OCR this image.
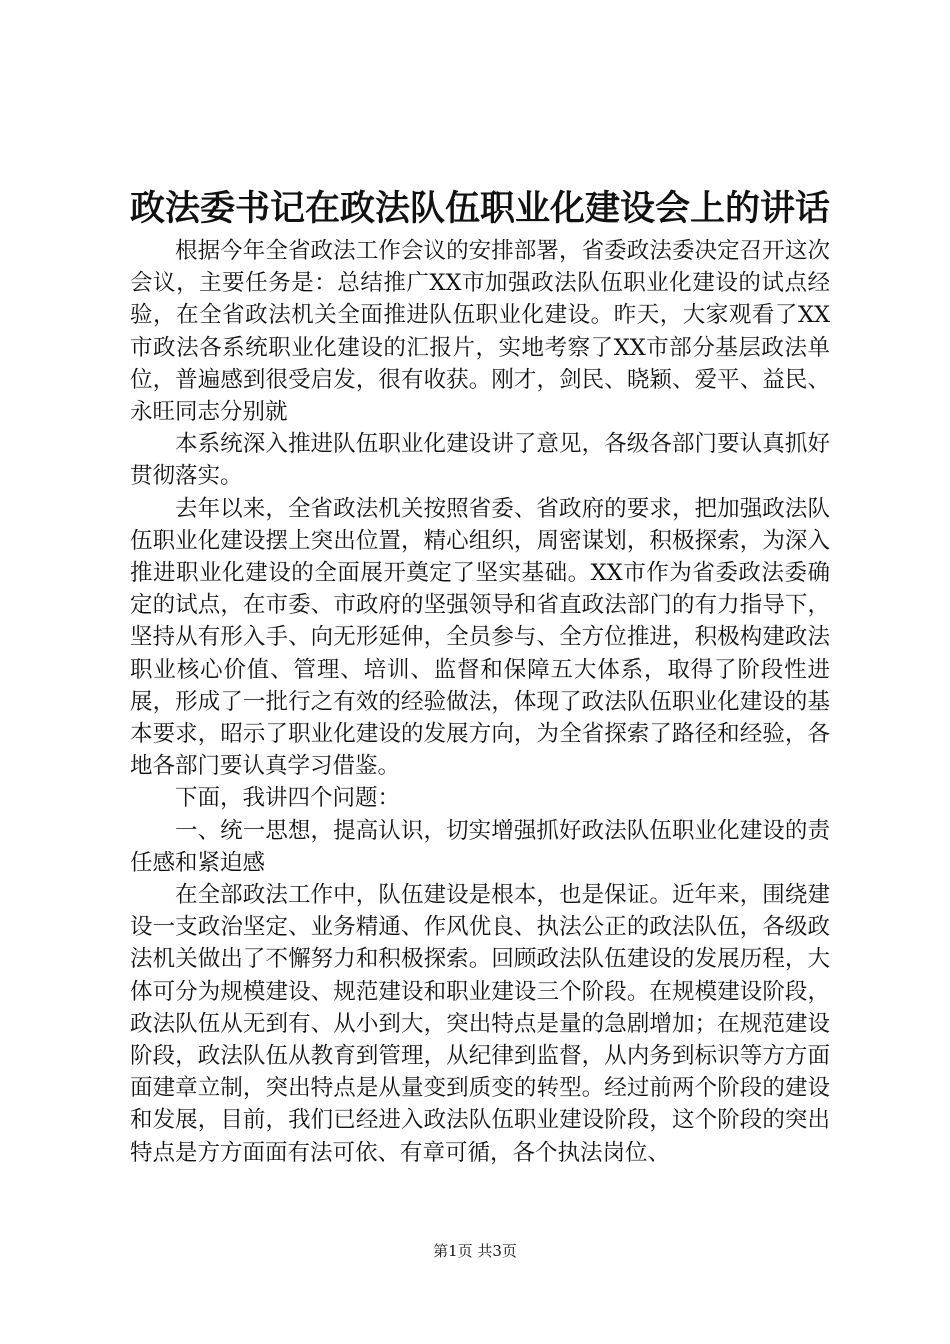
政法委书记在政法队伍职业化建设会上的讲话

根据今年全省政法工作会议的安排部署，省委政法委决定召开这次会议，主要任务是：总结推广XX市加强政法队伍职业化建设的试点经验，在全省政法机关全面推进队伍职业化建设。昨天，大家观看了XX市政法各系统职业化建设的汇报片，实地考察了XX市部分基层政法单位，普遍感到很受启发，很有收获。刚才，剑民、晓颖、爱平、益民、永旺同志分别就

本系统深入推进队伍职业化建设讲了意见，各级各部门要认真抓好贯彻落实。

去年以来，全省政法机关按照省委、省政府的要求，把加强政法队伍职业化建设摆上突出位置，精心组织，周密谋划，积极探索，为深入推进职业化建设的全面展开奠定了坚实基础。XX市作为省委政法委确定的试点，在市委、市政府的坚强领导和省直政法部门的有力指导下，坚持从有形入手、向无形延伸，全员参与、全方位推进，积极构建政法职业核心价值、管理、培训、监督和保障五大体系，取得了阶段性进展，形成了一批行之有效的经验做法，体现了政法队伍职业化建设的基本要求，昭示了职业化建设的发展方向，为全省探索了路径和经验，各地各部门要认真学习借鉴。

下面，我讲四个问题：

一、统一思想，提高认识，切实增强抓好政法队伍职业化建设的责任感和紧迫感

在全部政法工作中，队伍建设是根本，也是保证。近年来，围绕建设一支政治坚定、业务精通、作风优良、执法公正的政法队伍，各级政法机关做出了不懈努力和积极探索。回顾政法队伍建设的发展历程，大体可分为规模建设、规范建设和职业建设三个阶段。在规模建设阶段，政法队伍从无到有、从小到大，突出特点是量的急剧增加；在规范建设阶段，政法队伍从教育到管理，从纪律到监督，从内务到标识等方方面面建章立制，突出特点是从量变到质变的转型。经过前两个阶段的建设和发展，目前，我们已经进入政法队伍职业建设阶段，这个阶段的突出特点是方方面面有法可依、有章可循，各个执法岗位、

第1页 共3页
